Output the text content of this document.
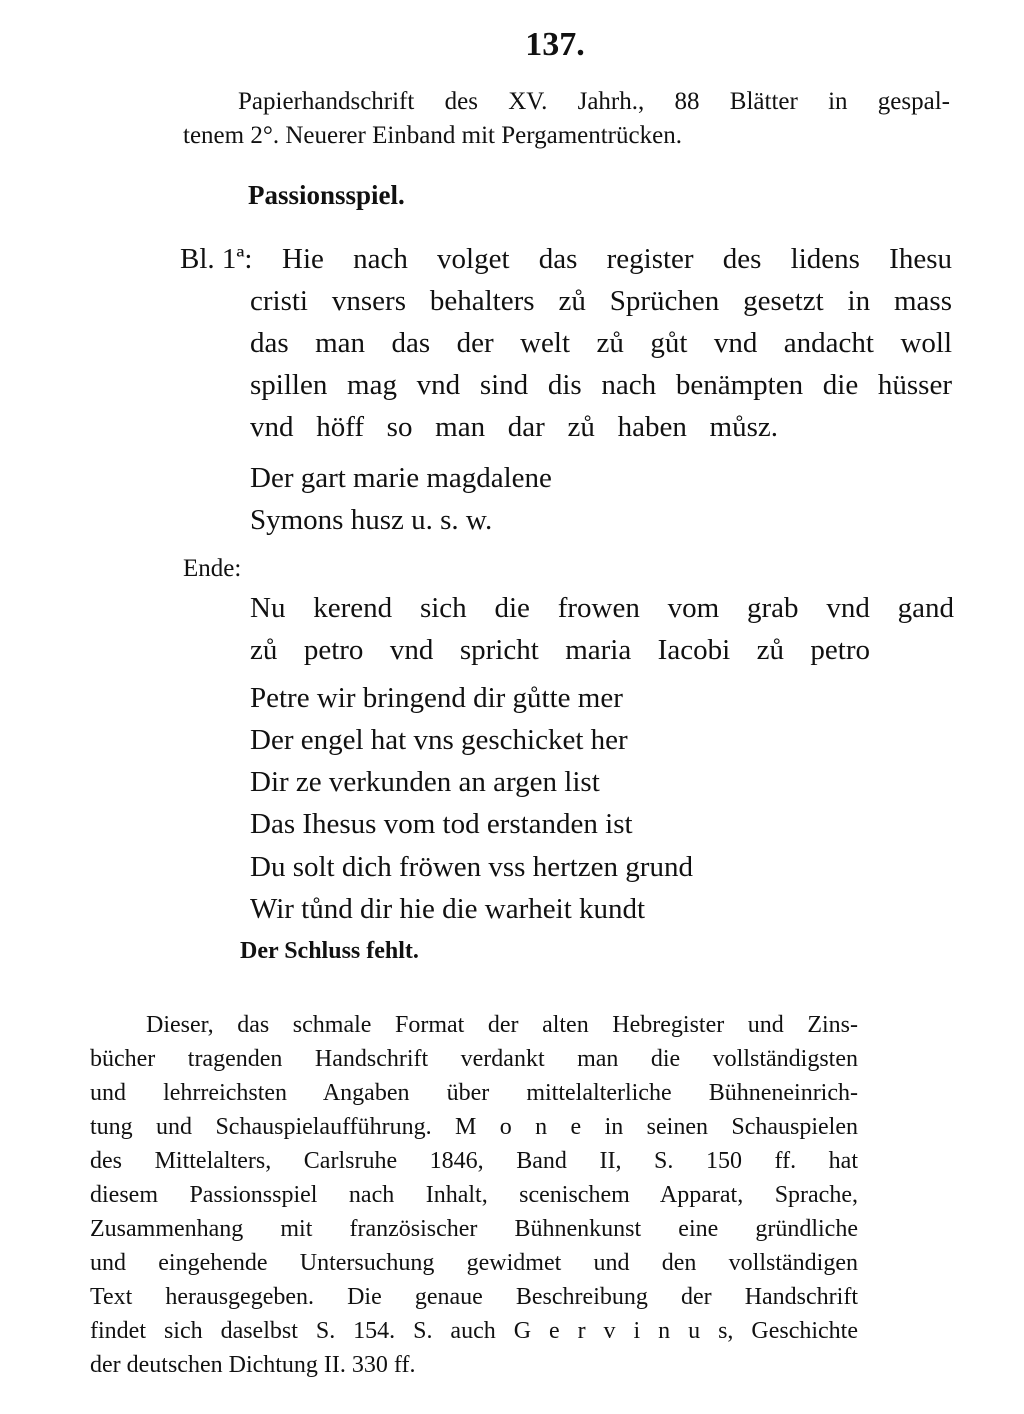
137.
Papierhandschrift des XV. Jahrh., 88 Blätter in gespal-
tenem 2°. Neuerer Einband mit Pergamentrücken.
Passionsspiel.
Bl. 1ª: Hie nach volget das register des lidens Ihesu
cristi vnsers behalters zů Sprüchen gesetzt in mass
das man das der welt zů gůt vnd andacht woll
spillen mag vnd sind dis nach benämpten die hüsser
vnd höff so man dar zů haben můsz.
Der gart marie magdalene
Symons husz u. s. w.
Ende:
Nu kerend sich die frowen vom grab vnd gand
zů petro vnd spricht maria Iacobi zů petro
Petre wir bringend dir gůtte mer
Der engel hat vns geschicket her
Dir ze verkunden an argen list
Das Ihesus vom tod erstanden ist
Du solt dich fröwen vss hertzen grund
Wir tůnd dir hie die warheit kundt
Der Schluss fehlt.
Dieser, das schmale Format der alten Hebregister und Zins-
bücher tragenden Handschrift verdankt man die vollständigsten
und lehrreichsten Angaben über mittelalterliche Bühneneinrich-
tung und Schauspielaufführung. M o n e in seinen Schauspielen
des Mittelalters, Carlsruhe 1846, Band II, S. 150 ff. hat
diesem Passionsspiel nach Inhalt, scenischem Apparat, Sprache,
Zusammenhang mit französischer Bühnenkunst eine gründliche
und eingehende Untersuchung gewidmet und den vollständigen
Text herausgegeben. Die genaue Beschreibung der Handschrift
findet sich daselbst S. 154. S. auch G e r v i n u s, Geschichte
der deutschen Dichtung II. 330 ff.
